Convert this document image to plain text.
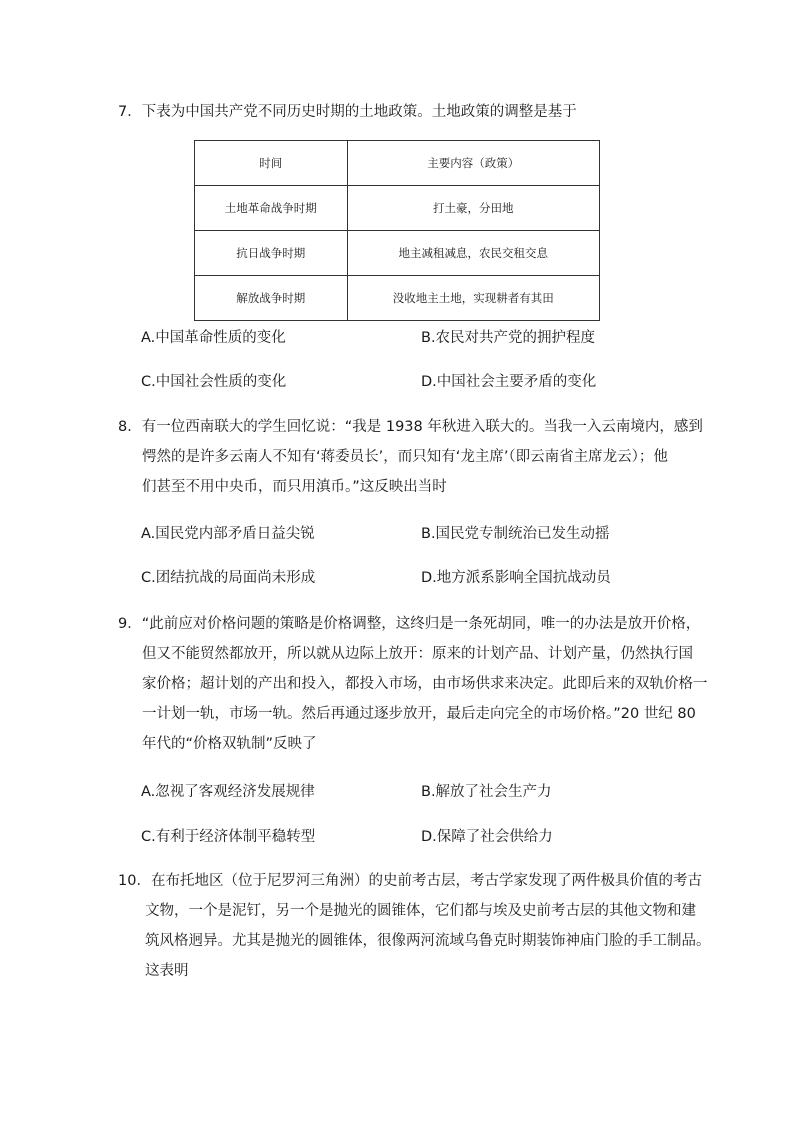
7．下表为中国共产党不同历史时期的土地政策。土地政策的调整是基于
时间	主要内容（政策）
土地革命战争时期	打土豪，分田地
抗日战争时期	地主减租减息，农民交租交息
解放战争时期	没收地主土地，实现耕者有其田
A.中国革命性质的变化	B.农民对共产党的拥护程度
C.中国社会性质的变化	D.中国社会主要矛盾的变化
8．有一位西南联大的学生回忆说：“我是 1938 年秋进入联大的。当我一入云南境内，感到
愕然的是许多云南人不知有‘蒋委员长’，而只知有‘龙主席’（即云南省主席龙云）；他
们甚至不用中央币，而只用滇币。”这反映出当时
A.国民党内部矛盾日益尖锐	B.国民党专制统治已发生动摇
C.团结抗战的局面尚未形成	D.地方派系影响全国抗战动员
9．“此前应对价格问题的策略是价格调整，这终归是一条死胡同，唯一的办法是放开价格，
但又不能贸然都放开，所以就从边际上放开：原来的计划产品、计划产量，仍然执行国
家价格；超计划的产出和投入，都投入市场，由市场供求来决定。此即后来的双轨价格一
一计划一轨，市场一轨。然后再通过逐步放开，最后走向完全的市场价格。”20 世纪 80
年代的“价格双轨制”反映了
A.忽视了客观经济发展规律	B.解放了社会生产力
C.有利于经济体制平稳转型	D.保障了社会供给力
10．在布托地区（位于尼罗河三角洲）的史前考古层，考古学家发现了两件极具价值的考古
文物，一个是泥钉，另一个是抛光的圆锥体，它们都与埃及史前考古层的其他文物和建
筑风格迥异。尤其是抛光的圆锥体，很像两河流域乌鲁克时期装饰神庙门脸的手工制品。
这表明
